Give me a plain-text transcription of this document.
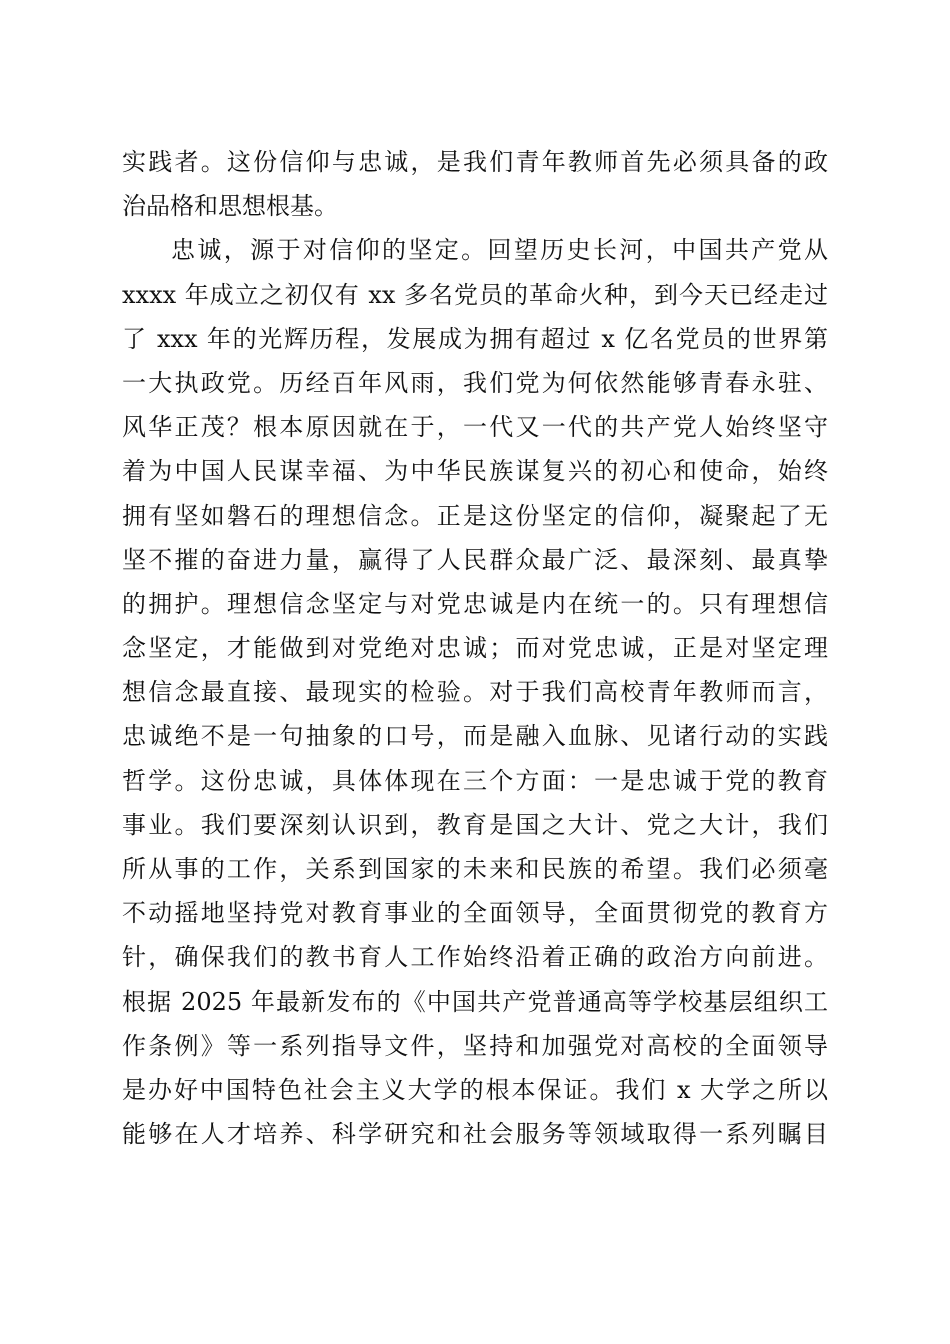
实践者。这份信仰与忠诚，是我们青年教师首先必须具备的政
治品格和思想根基。
忠诚，源于对信仰的坚定。回望历史长河，中国共产党从
xxxx 年成立之初仅有 xx 多名党员的革命火种，到今天已经走过
了 xxx 年的光辉历程，发展成为拥有超过 x 亿名党员的世界第
一大执政党。历经百年风雨，我们党为何依然能够青春永驻、
风华正茂？根本原因就在于，一代又一代的共产党人始终坚守
着为中国人民谋幸福、为中华民族谋复兴的初心和使命，始终
拥有坚如磐石的理想信念。正是这份坚定的信仰，凝聚起了无
坚不摧的奋进力量，赢得了人民群众最广泛、最深刻、最真挚
的拥护。理想信念坚定与对党忠诚是内在统一的。只有理想信
念坚定，才能做到对党绝对忠诚；而对党忠诚，正是对坚定理
想信念最直接、最现实的检验。对于我们高校青年教师而言，
忠诚绝不是一句抽象的口号，而是融入血脉、见诸行动的实践
哲学。这份忠诚，具体体现在三个方面：一是忠诚于党的教育
事业。我们要深刻认识到，教育是国之大计、党之大计，我们
所从事的工作，关系到国家的未来和民族的希望。我们必须毫
不动摇地坚持党对教育事业的全面领导，全面贯彻党的教育方
针，确保我们的教书育人工作始终沿着正确的政治方向前进。
根据 2025 年最新发布的《中国共产党普通高等学校基层组织工
作条例》等一系列指导文件，坚持和加强党对高校的全面领导
是办好中国特色社会主义大学的根本保证。我们 x 大学之所以
能够在人才培养、科学研究和社会服务等领域取得一系列瞩目
